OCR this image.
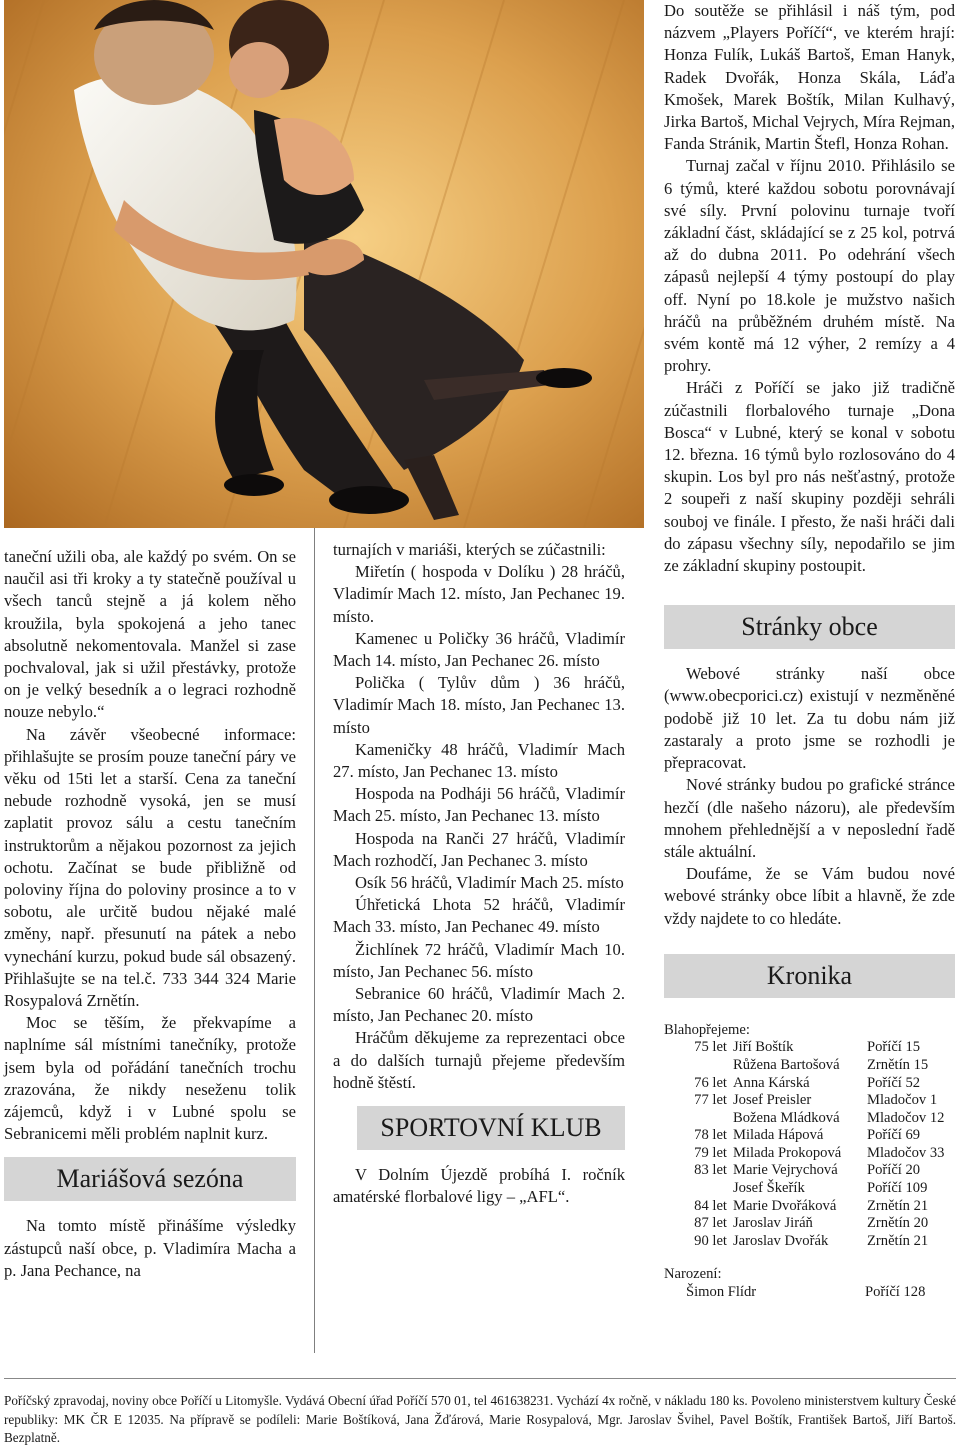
taneční užili oba, ale každý po svém. On se naučil asi tři kroky a ty statečně používal u všech tanců stejně a já kolem něho kroužila, byla spokojená a jeho tanec absolutně nekomentovala. Manžel si zase pochvaloval, jak si užil přestávky, protože on je velký besedník a o legraci rozhodně nouze nebylo.“

Na závěr všeobecné informace: přihlašujte se prosím pouze taneční páry ve věku od 15ti let a starší. Cena za taneční nebude rozhodně vysoká, jen se musí zaplatit provoz sálu a cestu tanečním instruktorům a nějakou pozornost za jejich ochotu. Začínat se bude přibližně od poloviny října do poloviny prosince a to v sobotu, ale určitě budou nějaké malé změny, např. přesunutí na pátek a nebo vynechání kurzu, pokud bude sál obsazený. Přihlašujte se na tel.č. 733 344 324 Marie Rosypalová Zrnětín.

Moc se těším, že překvapíme a naplníme sál místními tanečníky, protože jsem byla od pořádání tanečních trochu zrazována, že nikdy neseženu tolik zájemců, když i v Lubné spolu se Sebranicemi měli problém naplnit kurz.

Mariášová sezóna

Na tomto místě přinášíme výsledky zástupců naší obce, p. Vladimíra Macha a p. Jana Pechance, na

turnajích v mariáši, kterých se zúčastnili:

Miřetín ( hospoda v Dolíku ) 28 hráčů, Vladimír Mach 12. místo, Jan Pechanec 19. místo.

Kamenec u Poličky 36 hráčů, Vladimír Mach 14. místo, Jan Pechanec 26. místo

Polička ( Tylův dům ) 36 hráčů, Vladimír Mach 18. místo, Jan Pechanec 13. místo

Kameničky 48 hráčů, Vladimír Mach 27. místo, Jan Pechanec 13. místo

Hospoda na Podháji 56 hráčů, Vladimír Mach 25. místo, Jan Pechanec 13. místo

Hospoda na Ranči 27 hráčů, Vladimír Mach rozhodčí, Jan Pechanec 3. místo

Osík 56 hráčů, Vladimír Mach 25. místo

Úhřetická Lhota 52 hráčů, Vladimír Mach 33. místo, Jan Pechanec 49. místo

Žichlínek 72 hráčů, Vladimír Mach 10. místo, Jan Pechanec 56. místo

Sebranice 60 hráčů, Vladimír Mach 2. místo, Jan Pechanec 20. místo

Hráčům děkujeme za reprezentaci obce a do dalších turnajů přejeme především hodně štěstí.

SPORTOVNÍ KLUB

V Dolním Újezdě probíhá I. ročník amatérské florbalové ligy – „AFL“.

Do soutěže se přihlásil i náš tým, pod názvem „Players Poříčí“, ve kterém hrají: Honza Fulík, Lukáš Bartoš, Eman Hanyk, Radek Dvořák, Honza Skála, Láďa Kmošek, Marek Boštík, Milan Kulhavý, Jirka Bartoš, Michal Vejrych, Míra Rejman, Fanda Stránik, Martin Štefl, Honza Rohan.

Turnaj začal v říjnu 2010. Přihlásilo se 6 týmů, které každou sobotu porovnávají své síly. První polovinu turnaje tvoří základní část, skládající se z 25 kol, potrvá až do dubna 2011. Po odehrání všech zápasů nejlepší 4 týmy postoupí do play off. Nyní po 18.kole je mužstvo našich hráčů na průběžném druhém místě. Na svém kontě má 12 výher, 2 remízy a 4 prohry.

Hráči z Poříčí se jako již tradičně zúčastnili florbalového turnaje „Dona Bosca“ v Lubné, který se konal v sobotu 12. března. 16 týmů bylo rozlosováno do 4 skupin. Los byl pro nás nešťastný, protože 2 soupeři z naší skupiny později sehráli souboj ve finále. I přesto, že naši hráči dali do zápasu všechny síly, nepodařilo se jim ze základní skupiny postoupit.

Stránky obce

Webové stránky naší obce (www.obecporici.cz) existují v nezměněné podobě již 10 let. Za tu dobu nám již zastaraly a proto jsme se rozhodli je přepracovat.

Nové stránky budou po grafické stránce hezčí (dle našeho názoru), ale především mnohem přehlednější a v neposlední řadě stále aktuální.

Doufáme, že se Vám budou nové webové stránky obce líbit a hlavně, že zde vždy najdete to co hledáte.

Kronika
Blahopřejeme:
75 let	Jiří Boštík	Poříčí 15
	Růžena Bartošová	Zrnětín 15
76 let	Anna Kárská	Poříčí 52
77 let	Josef Preisler	Mladočov 1
	Božena Mládková	Mladočov 12
78 let	Milada Hápová	Poříčí 69
79 let	Milada Prokopová	Mladočov 33
83 let	Marie Vejrychová	Poříčí 20
	Josef Škeřík	Poříčí 109
84 let	Marie Dvořáková	Zrnětín 21
87 let	Jaroslav Jiráň	Zrnětín 20
90 let	Jaroslav Dvořák	Zrnětín 21
Narození:
	Šimon Flídr	Poříčí 128
Poříčský zpravodaj, noviny obce Poříčí u Litomyšle. Vydává Obecní úřad Poříčí 570 01, tel 461638231. Vychází 4x ročně, v nákladu 180 ks. Povoleno ministerstvem kultury České republiky: MK ČR E 12035. Na přípravě se podíleli: Marie Boštíková, Jana Žďárová, Marie Rosypalová, Mgr. Jaroslav Švihel, Pavel Boštík, František Bartoš, Jiří Bartoš. Bezplatně.
